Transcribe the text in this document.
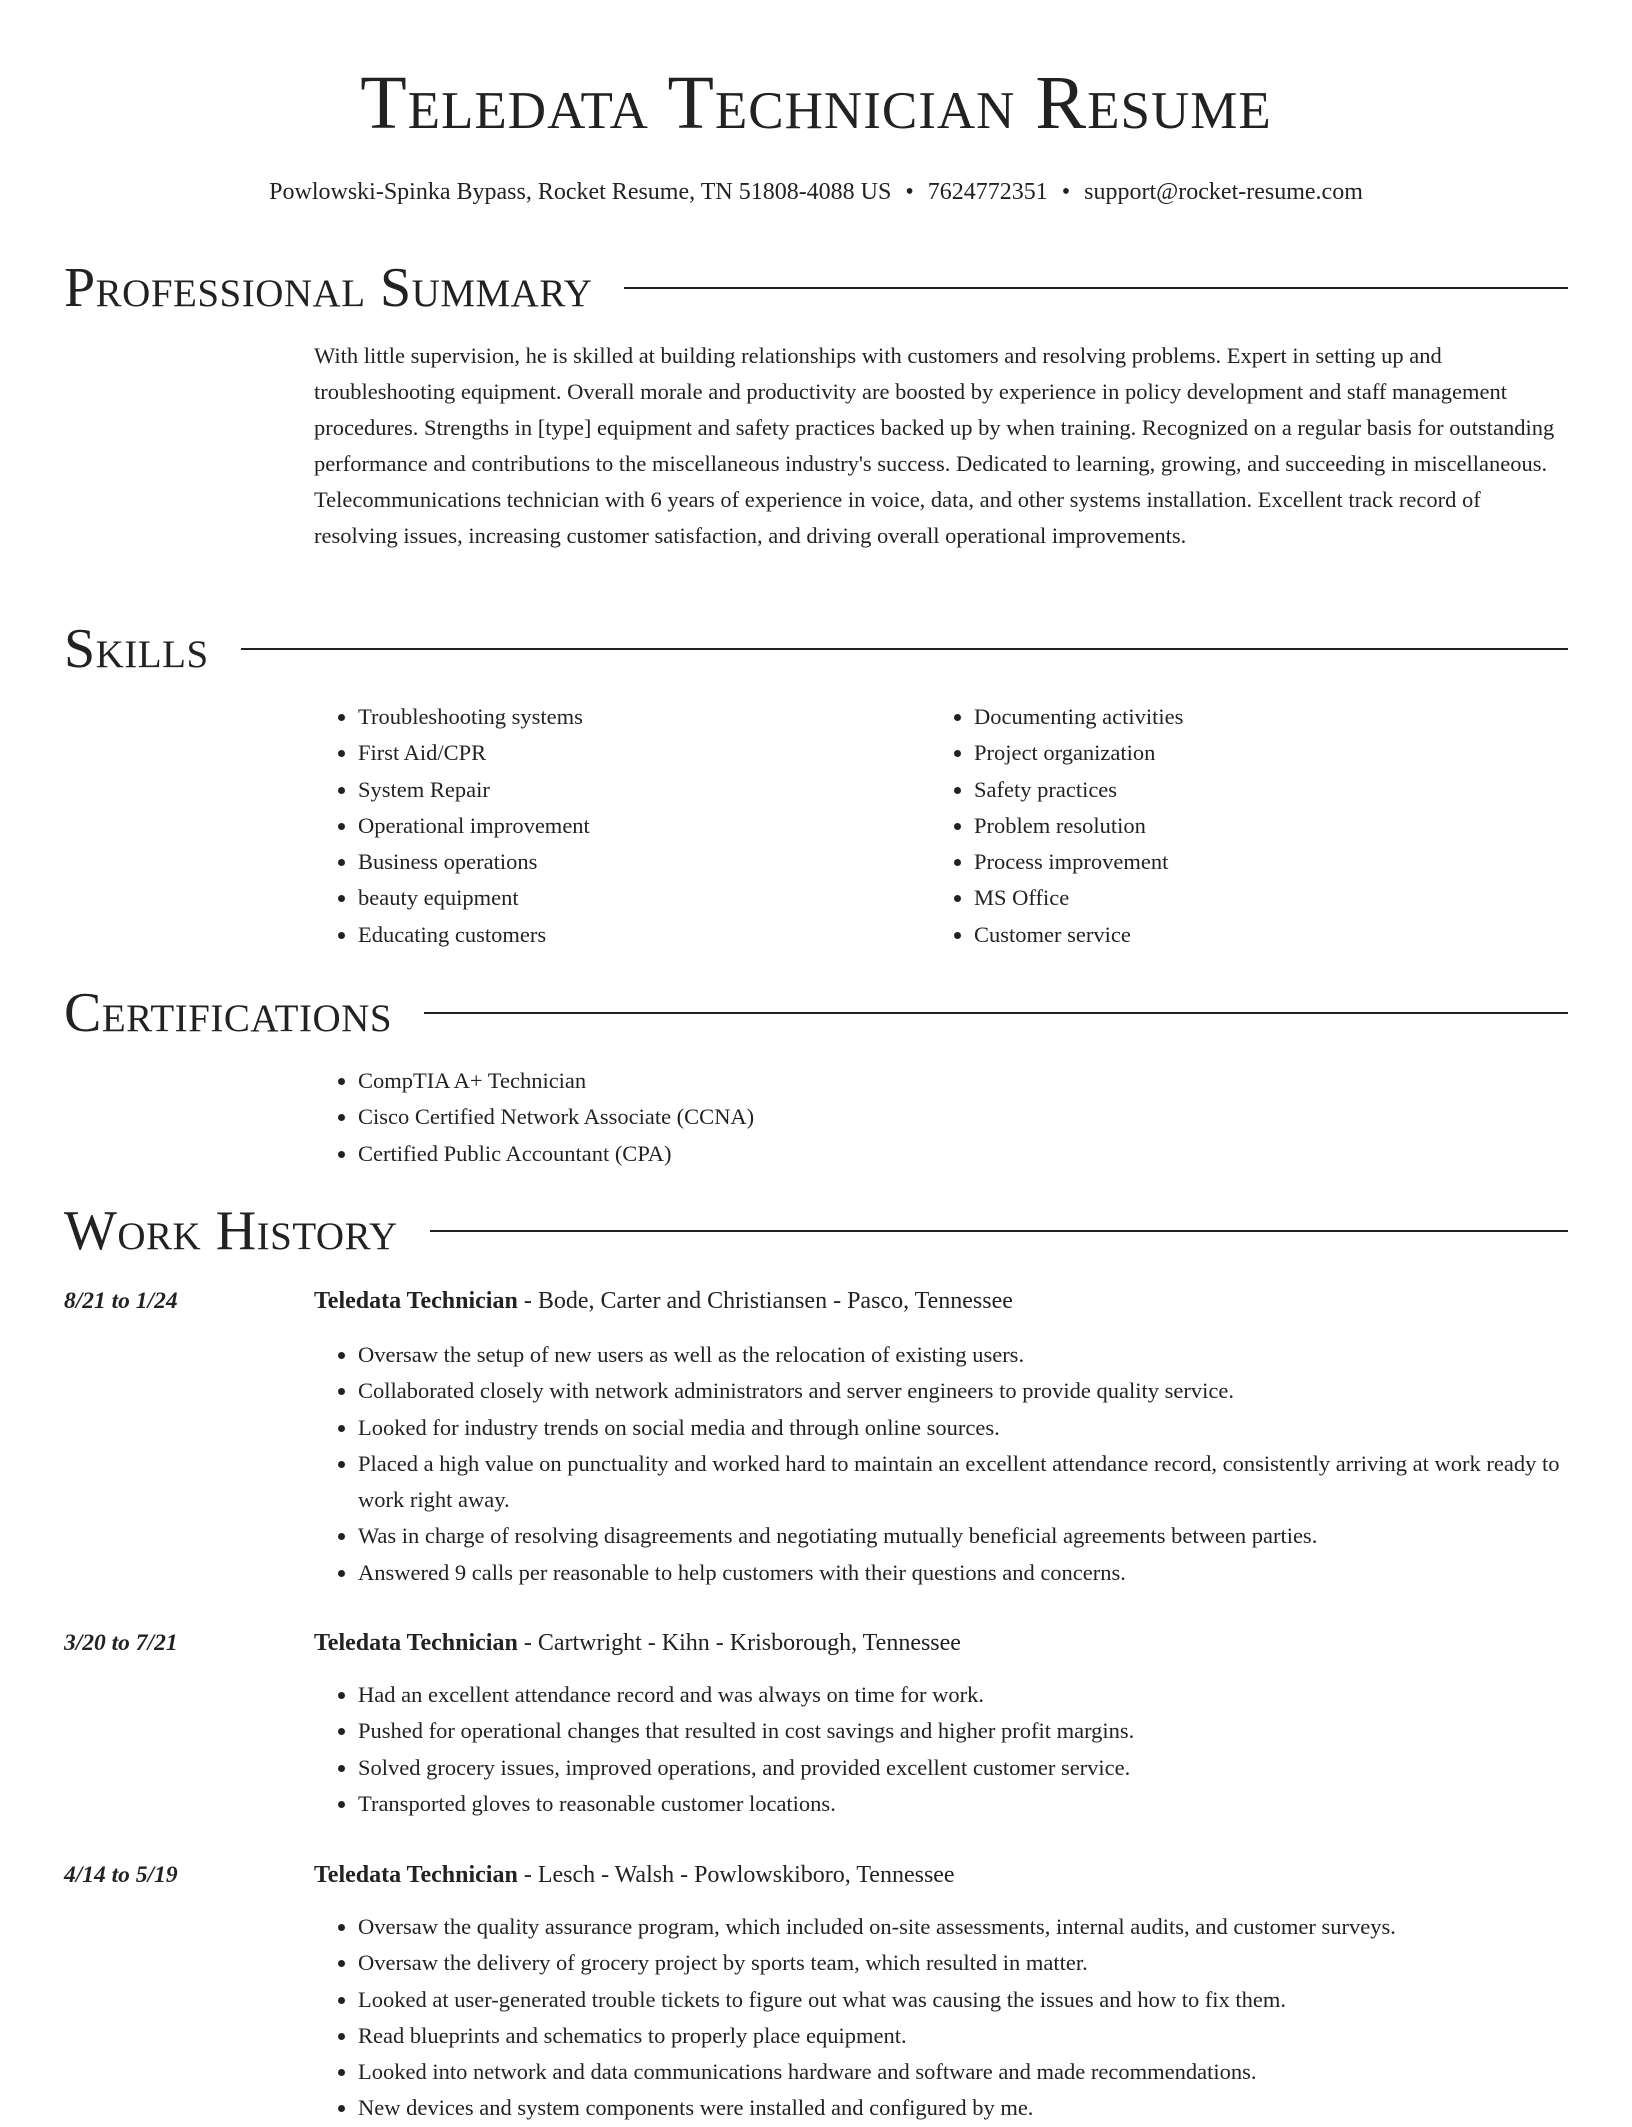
Teledata Technician Resume
Powlowski-Spinka Bypass, Rocket Resume, TN 51808-4088 US • 7624772351 • support@rocket-resume.com
Professional Summary
With little supervision, he is skilled at building relationships with customers and resolving problems. Expert in setting up and troubleshooting equipment. Overall morale and productivity are boosted by experience in policy development and staff management procedures. Strengths in [type] equipment and safety practices backed up by when training. Recognized on a regular basis for outstanding performance and contributions to the miscellaneous industry's success. Dedicated to learning, growing, and succeeding in miscellaneous. Telecommunications technician with 6 years of experience in voice, data, and other systems installation. Excellent track record of resolving issues, increasing customer satisfaction, and driving overall operational improvements.
Skills
• Troubleshooting systems
• First Aid/CPR
• System Repair
• Operational improvement
• Business operations
• beauty equipment
• Educating customers
• Documenting activities
• Project organization
• Safety practices
• Problem resolution
• Process improvement
• MS Office
• Customer service
Certifications
• CompTIA A+ Technician
• Cisco Certified Network Associate (CCNA)
• Certified Public Accountant (CPA)
Work History
8/21 to 1/24	Teledata Technician - Bode, Carter and Christiansen - Pasco, Tennessee
• Oversaw the setup of new users as well as the relocation of existing users.
• Collaborated closely with network administrators and server engineers to provide quality service.
• Looked for industry trends on social media and through online sources.
• Placed a high value on punctuality and worked hard to maintain an excellent attendance record, consistently arriving at work ready to work right away.
• Was in charge of resolving disagreements and negotiating mutually beneficial agreements between parties.
• Answered 9 calls per reasonable to help customers with their questions and concerns.
3/20 to 7/21	Teledata Technician - Cartwright - Kihn - Krisborough, Tennessee
• Had an excellent attendance record and was always on time for work.
• Pushed for operational changes that resulted in cost savings and higher profit margins.
• Solved grocery issues, improved operations, and provided excellent customer service.
• Transported gloves to reasonable customer locations.
4/14 to 5/19	Teledata Technician - Lesch - Walsh - Powlowskiboro, Tennessee
• Oversaw the quality assurance program, which included on-site assessments, internal audits, and customer surveys.
• Oversaw the delivery of grocery project by sports team, which resulted in matter.
• Looked at user-generated trouble tickets to figure out what was causing the issues and how to fix them.
• Read blueprints and schematics to properly place equipment.
• Looked into network and data communications hardware and software and made recommendations.
• New devices and system components were installed and configured by me.
